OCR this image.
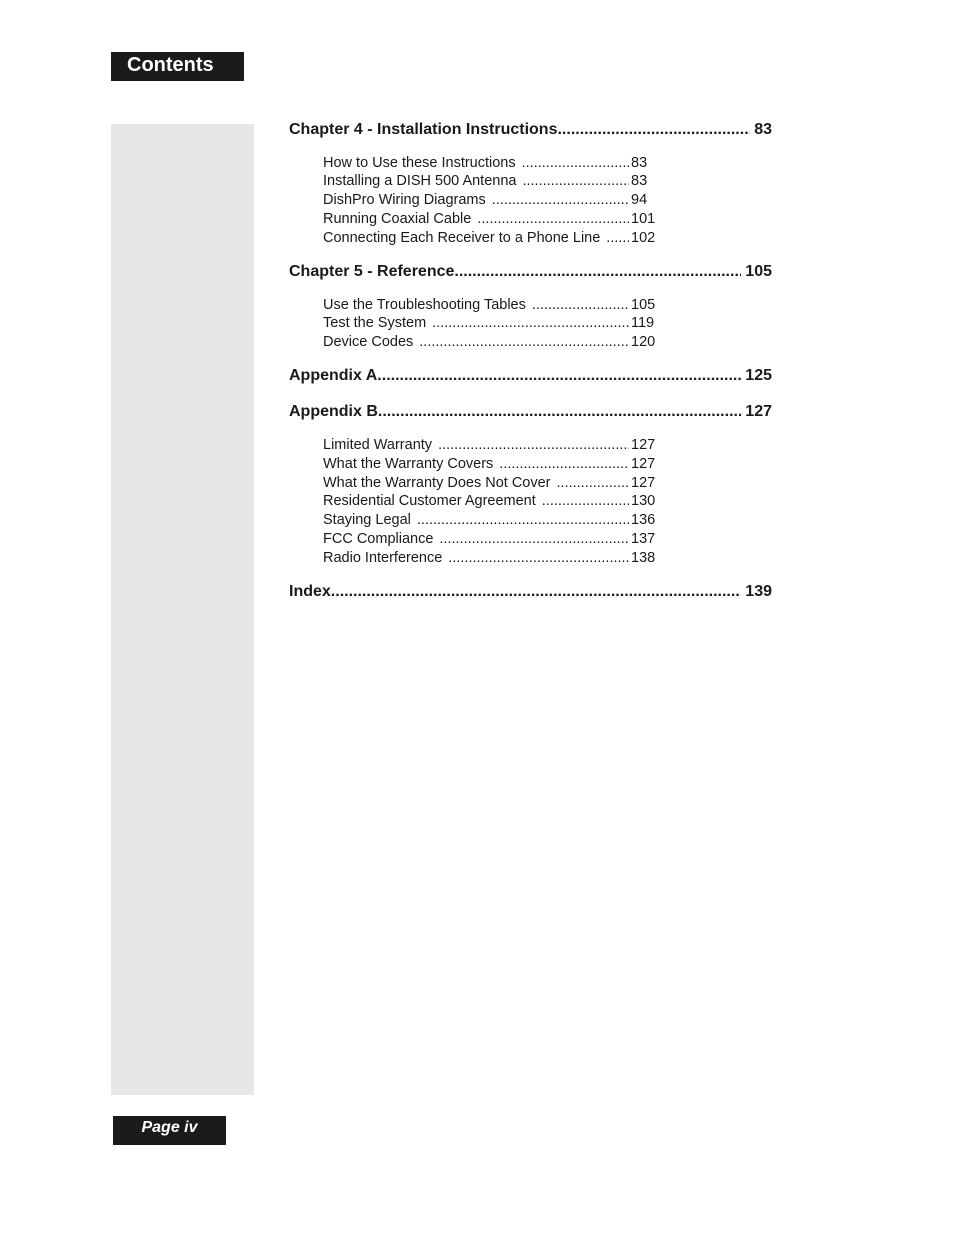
Contents
Chapter 4 - Installation Instructions .....	83
How to Use these Instructions .....	83
Installing a DISH 500 Antenna .....	83
DishPro Wiring Diagrams .....	94
Running Coaxial Cable .....	101
Connecting Each Receiver to a Phone Line .....	102
Chapter 5 - Reference .....	105
Use the Troubleshooting Tables .....	105
Test the System .....	119
Device Codes .....	120
Appendix A .....	125
Appendix B .....	127
Limited Warranty .....	127
What the Warranty Covers .....	127
What the Warranty Does Not Cover .....	127
Residential Customer Agreement .....	130
Staying Legal .....	136
FCC Compliance .....	137
Radio Interference .....	138
Index .....	139
Page iv
